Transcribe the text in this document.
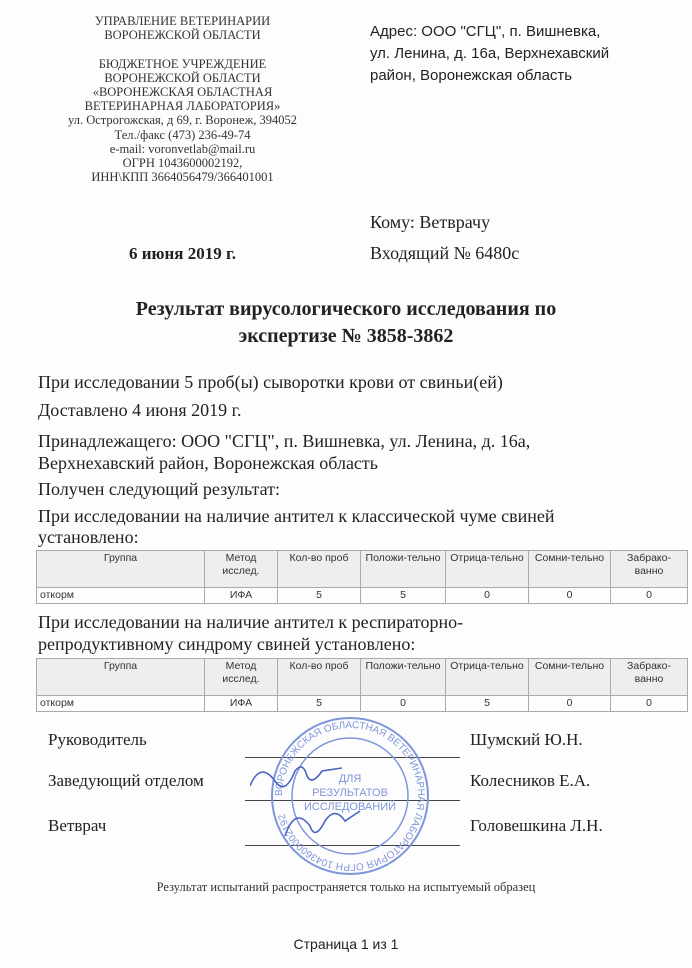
УПРАВЛЕНИЕ ВЕТЕРИНАРИИ
ВОРОНЕЖСКОЙ ОБЛАСТИ

БЮДЖЕТНОЕ УЧРЕЖДЕНИЕ
ВОРОНЕЖСКОЙ ОБЛАСТИ
«ВОРОНЕЖСКАЯ ОБЛАСТНАЯ
ВЕТЕРИНАРНАЯ ЛАБОРАТОРИЯ»
ул. Острогожская, д 69, г. Воронеж, 394052
Тел./факс (473) 236-49-74
e-mail: voronvetlab@mail.ru
ОГРН 1043600002192,
ИНН\КПП 3664056479/366401001
6 июня 2019 г.
Адрес: ООО "СГЦ", п. Вишневка,
ул. Ленина, д. 16а, Верхнехавский
район, Воронежская область
Кому: Ветврачу
Входящий № 6480с
Результат вирусологического исследования по
экспертизе № 3858-3862
При исследовании 5 проб(ы) сыворотки крови от свиньи(ей)
Доставлено 4 июня 2019 г.
Принадлежащего: ООО "СГЦ", п. Вишневка, ул. Ленина, д. 16а,
Верхнехавский район, Воронежская область
Получен следующий результат:
При исследовании на наличие антител к классической чуме свиней
установлено:
Группа	Метод исслед.	Кол-во проб	Положи-тельно	Отрица-тельно	Сомни-тельно	Забрако-ванно
откорм	ИФА	5	5	0	0	0
При исследовании на наличие антител к респираторно-
репродуктивному синдрому свиней установлено:
Группа	Метод исслед.	Кол-во проб	Положи-тельно	Отрица-тельно	Сомни-тельно	Забрако-ванно
откорм	ИФА	5	0	5	0	0
Руководитель	Шумский Ю.Н.
Заведующий отделом	Колесников Е.А.
Ветврач	Головешкина Л.Н.
ВОРОНЕЖСКАЯ ОБЛАСТНАЯ ВЕТЕРИНАРНАЯ ЛАБОРАТОРИЯ ОГРН 1043600002192
ДЛЯ
РЕЗУЛЬТАТОВ
ИССЛЕДОВАНИЙ
Результат испытаний распространяется только на испытуемый образец
Страница 1 из 1
